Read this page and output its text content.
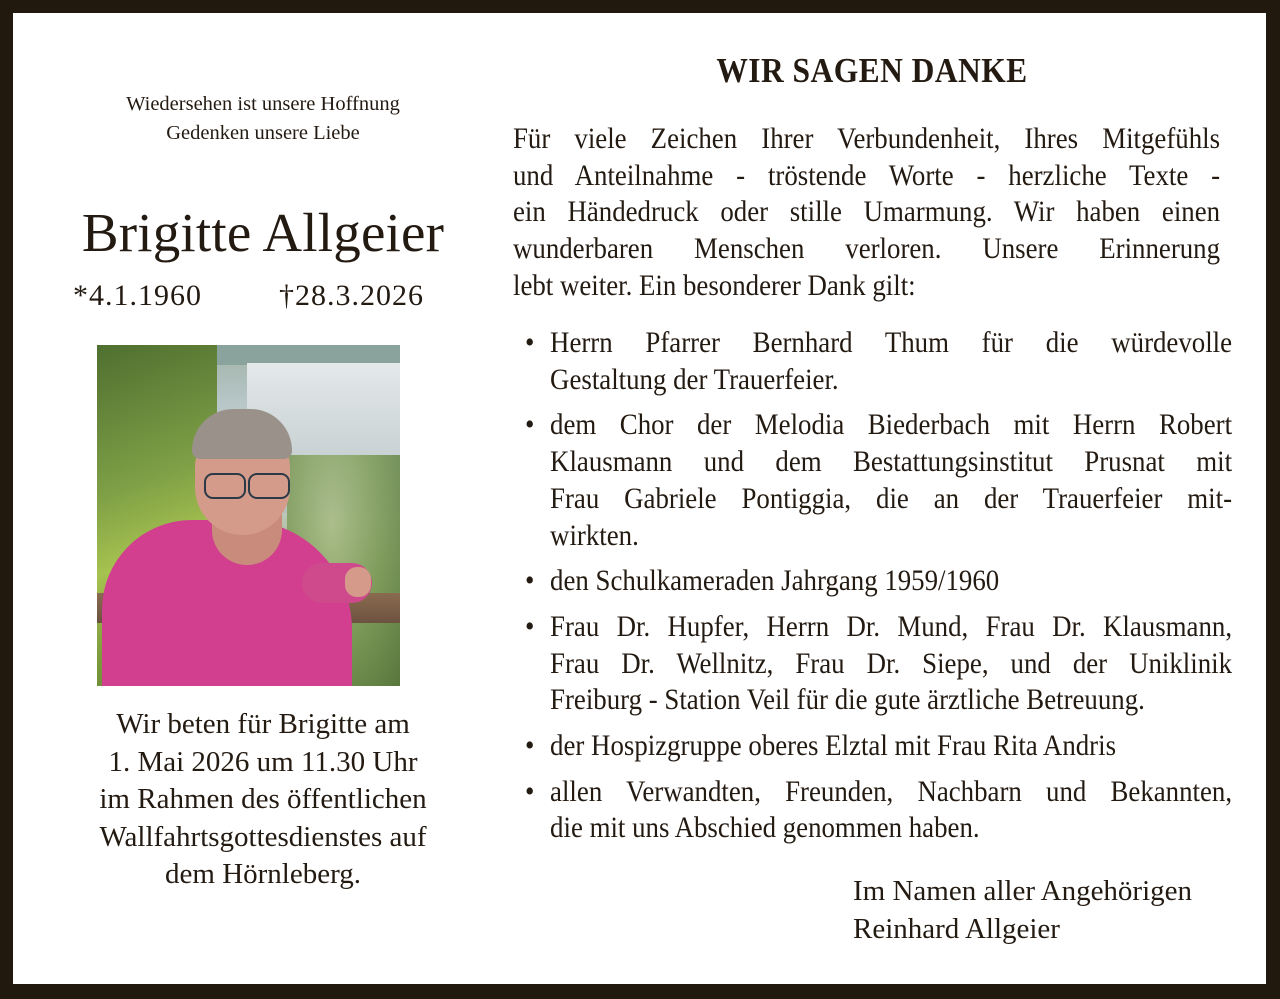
Wiedersehen ist unsere Hoffnung
Gedenken unsere Liebe
Brigitte Allgeier
*4.1.1960	†28.3.2026
Wir beten für Brigitte am
1. Mai 2026 um 11.30 Uhr
im Rahmen des öffentlichen
Wallfahrtsgottesdienstes auf
dem Hörnleberg.
WIR SAGEN DANKE
Für viele Zeichen Ihrer Verbundenheit, Ihres Mitgefühls
und Anteilnahme - tröstende Worte - herzliche Texte -
ein Händedruck oder stille Umarmung. Wir haben einen
wunderbaren Menschen verloren. Unsere Erinnerung
lebt weiter. Ein besonderer Dank gilt:
• Herrn Pfarrer Bernhard Thum für die würdevolle
Gestaltung der Trauerfeier.
• dem Chor der Melodia Biederbach mit Herrn Robert
Klausmann und dem Bestattungsinstitut Prusnat mit
Frau Gabriele Pontiggia, die an der Trauerfeier mit-
wirkten.
• den Schulkameraden Jahrgang 1959/1960
• Frau Dr. Hupfer, Herrn Dr. Mund, Frau Dr. Klausmann,
Frau Dr. Wellnitz, Frau Dr. Siepe, und der Uniklinik
Freiburg - Station Veil für die gute ärztliche Betreuung.
• der Hospizgruppe oberes Elztal mit Frau Rita Andris
• allen Verwandten, Freunden, Nachbarn und Bekannten,
die mit uns Abschied genommen haben.
Im Namen aller Angehörigen
Reinhard Allgeier
